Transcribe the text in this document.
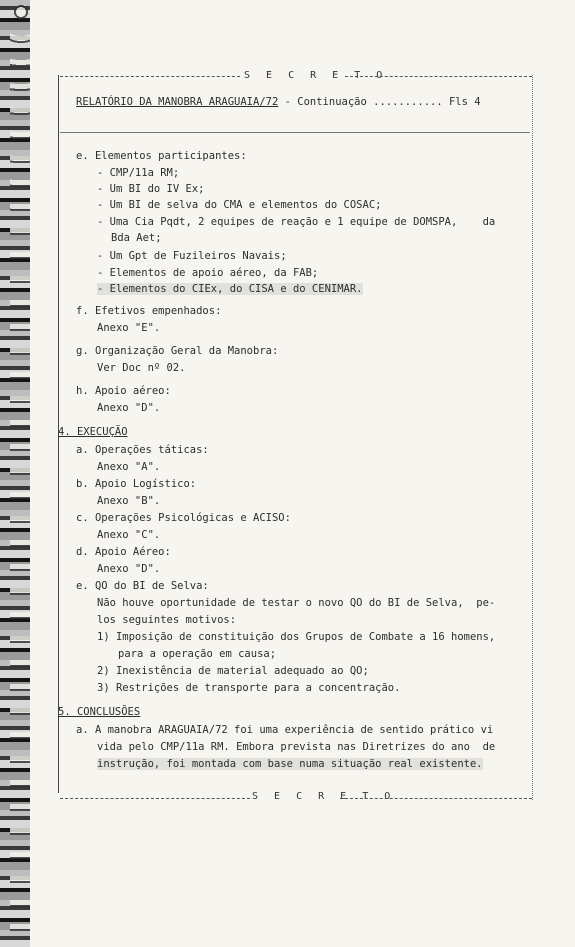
S E C R E T O
RELATÓRIO DA MANOBRA ARAGUAIA/72 - Continuação ........... Fls 4
e. Elementos participantes:
- CMP/11a RM;
- Um BI do IV Ex;
- Um BI de selva do CMA e elementos do COSAC;
- Uma Cia Pqdt, 2 equipes de reação e 1 equipe de DOMSPA,    da
Bda Aet;
- Um Gpt de Fuzileiros Navais;
- Elementos de apoio aéreo, da FAB;
- Elementos do CIEx, do CISA e do CENIMAR.
f. Efetivos empenhados:
Anexo "E".
g. Organização Geral da Manobra:
Ver Doc nº 02.
h. Apoio aéreo:
Anexo "D".
4. EXECUÇÃO
a. Operações táticas:
Anexo "A".
b. Apoio Logístico:
Anexo "B".
c. Operações Psicológicas e ACISO:
Anexo "C".
d. Apoio Aéreo:
Anexo "D".
e. QO do BI de Selva:
Não houve oportunidade de testar o novo QO do BI de Selva,  pe-
los seguintes motivos:
1) Imposição de constituição dos Grupos de Combate a 16 homens,
para a operação em causa;
2) Inexistência de material adequado ao QO;
3) Restrições de transporte para a concentração.
5. CONCLUSÕES
a. A manobra ARAGUAIA/72 foi uma experiência de sentido prático vi
vida pelo CMP/11a RM. Embora prevista nas Diretrizes do ano  de
instrução, foi montada com base numa situação real existente.
S E C R E T O
